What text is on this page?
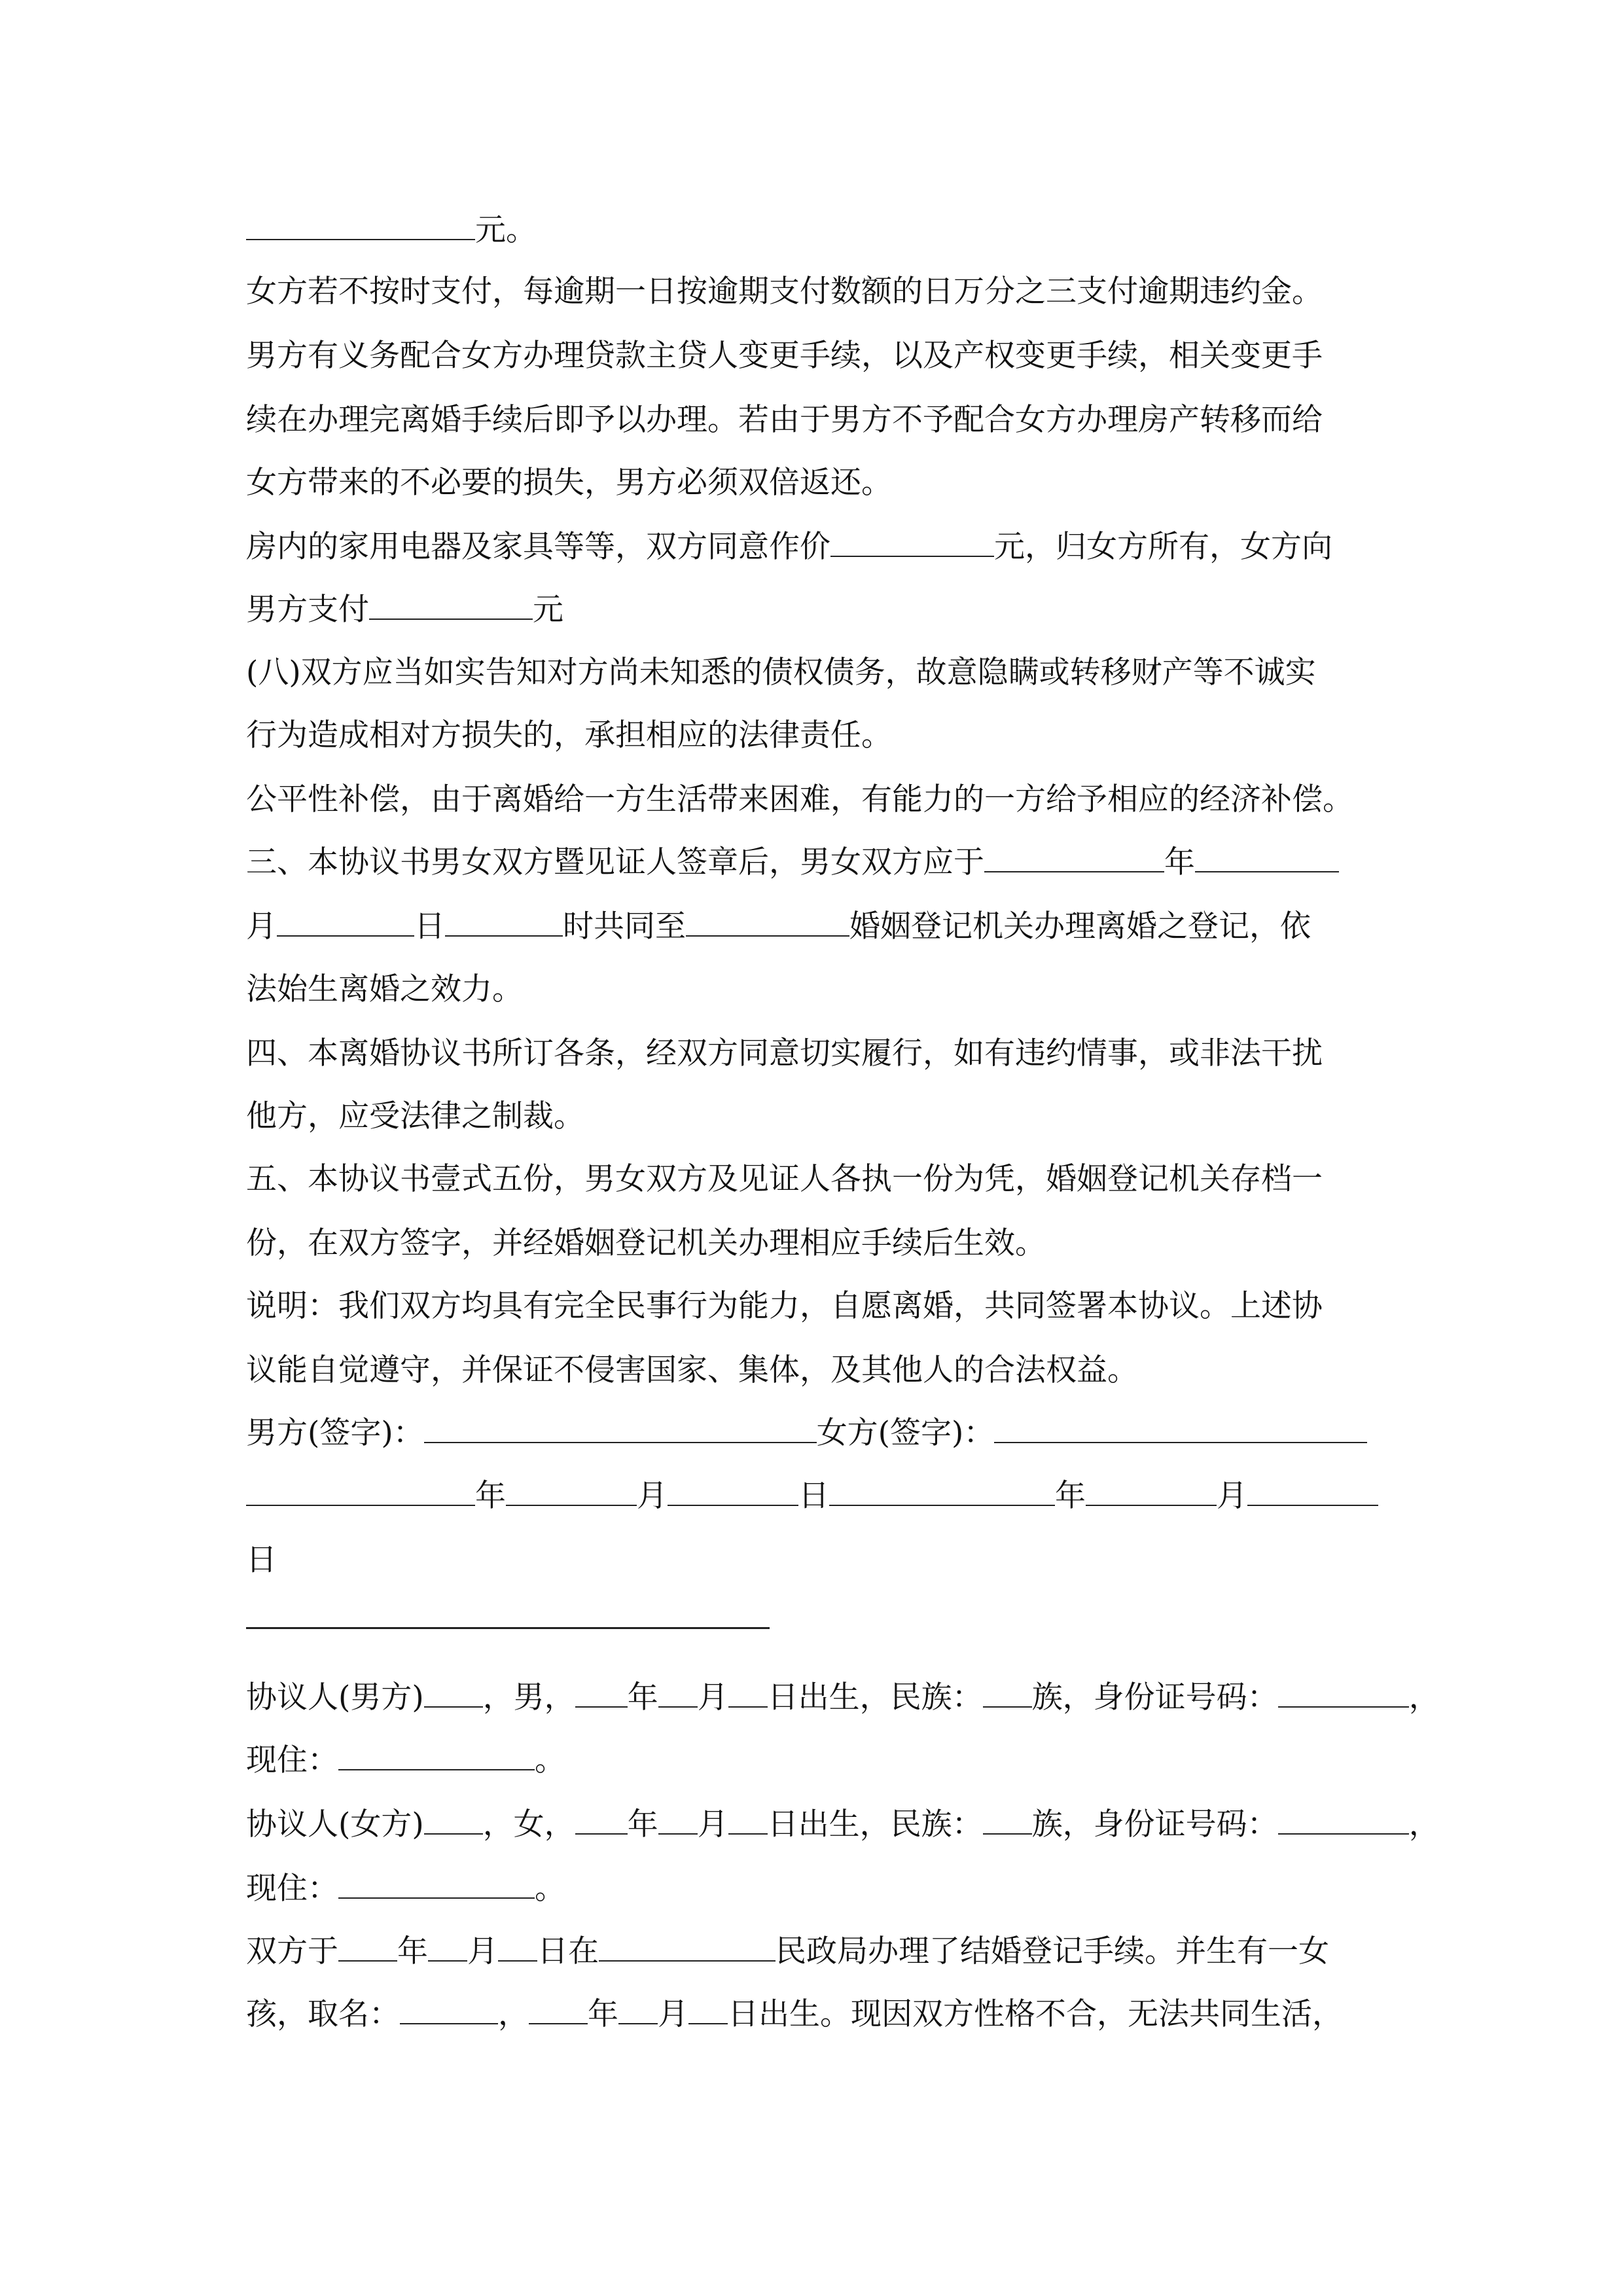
元。
女方若不按时支付，每逾期一日按逾期支付数额的日万分之三支付逾期违约金。
男方有义务配合女方办理贷款主贷人变更手续，以及产权变更手续，相关变更手
续在办理完离婚手续后即予以办理。若由于男方不予配合女方办理房产转移而给
女方带来的不必要的损失，男方必须双倍返还。
房内的家用电器及家具等等，双方同意作价	元，归女方所有，女方向
男方支付	元
(八)双方应当如实告知对方尚未知悉的债权债务，故意隐瞒或转移财产等不诚实
行为造成相对方损失的，承担相应的法律责任。
公平性补偿，由于离婚给一方生活带来困难，有能力的一方给予相应的经济补偿。
三、本协议书男女双方暨见证人签章后，男女双方应于	年
月	日	时共同至	婚姻登记机关办理离婚之登记，依
法始生离婚之效力。
四、本离婚协议书所订各条，经双方同意切实履行，如有违约情事，或非法干扰
他方，应受法律之制裁。
五、本协议书壹式五份，男女双方及见证人各执一份为凭，婚姻登记机关存档一
份，在双方签字，并经婚姻登记机关办理相应手续后生效。
说明：我们双方均具有完全民事行为能力，自愿离婚，共同签署本协议。上述协
议能自觉遵守，并保证不侵害国家、集体，及其他人的合法权益。
男方(签字)：	女方(签字)：
年	月	日	年	月
日
协议人(男方) ，男， 年 月 日出生，民族： 族，身份证号码：	，
现住：	。
协议人(女方) ，女， 年 月 日出生，民族： 族，身份证号码：	，
现住：	。
双方于 年 月 日在	民政局办理了结婚登记手续。并生有一女
孩，取名：	， 年 月 日出生。现因双方性格不合，无法共同生活，
